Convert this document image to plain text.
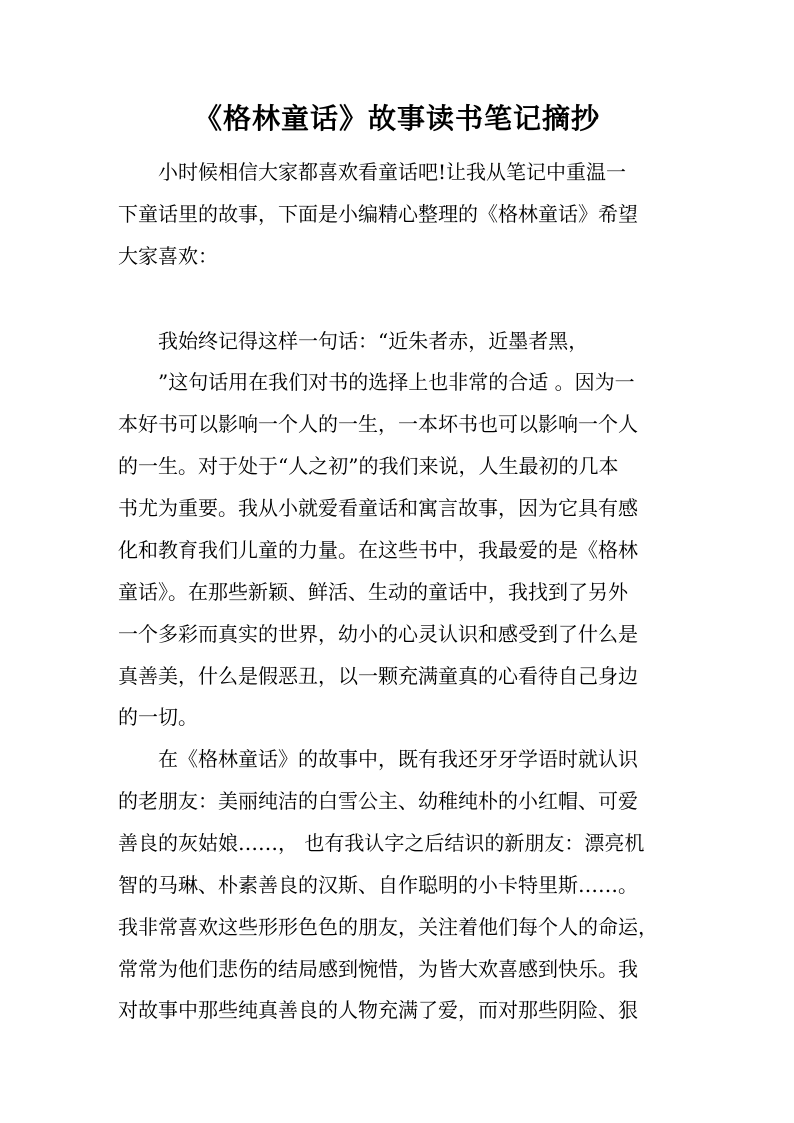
《格林童话》故事读书笔记摘抄
　　小时候相信大家都喜欢看童话吧!让我从笔记中重温一
下童话里的故事，下面是小编精心整理的《格林童话》希望
大家喜欢：
　　我始终记得这样一句话：“近朱者赤，近墨者黑，
　　”这句话用在我们对书的选择上也非常的合适 。因为一
本好书可以影响一个人的一生，一本坏书也可以影响一个人
的一生。对于处于“人之初”的我们来说，人生最初的几本
书尤为重要。我从小就爱看童话和寓言故事，因为它具有感
化和教育我们儿童的力量。在这些书中，我最爱的是《格林
童话》。在那些新颖、鲜活、生动的童话中，我找到了另外
一个多彩而真实的世界，幼小的心灵认识和感受到了什么是
真善美，什么是假恶丑，以一颗充满童真的心看待自己身边
的一切。
　　在《格林童话》的故事中，既有我还牙牙学语时就认识
的老朋友：美丽纯洁的白雪公主、幼稚纯朴的小红帽、可爱
善良的灰姑娘……， 也有我认字之后结识的新朋友：漂亮机
智的马琳、朴素善良的汉斯、自作聪明的小卡特里斯……。
我非常喜欢这些形形色色的朋友，关注着他们每个人的命运，
常常为他们悲伤的结局感到惋惜，为皆大欢喜感到快乐。我
对故事中那些纯真善良的人物充满了爱，而对那些阴险、狠
